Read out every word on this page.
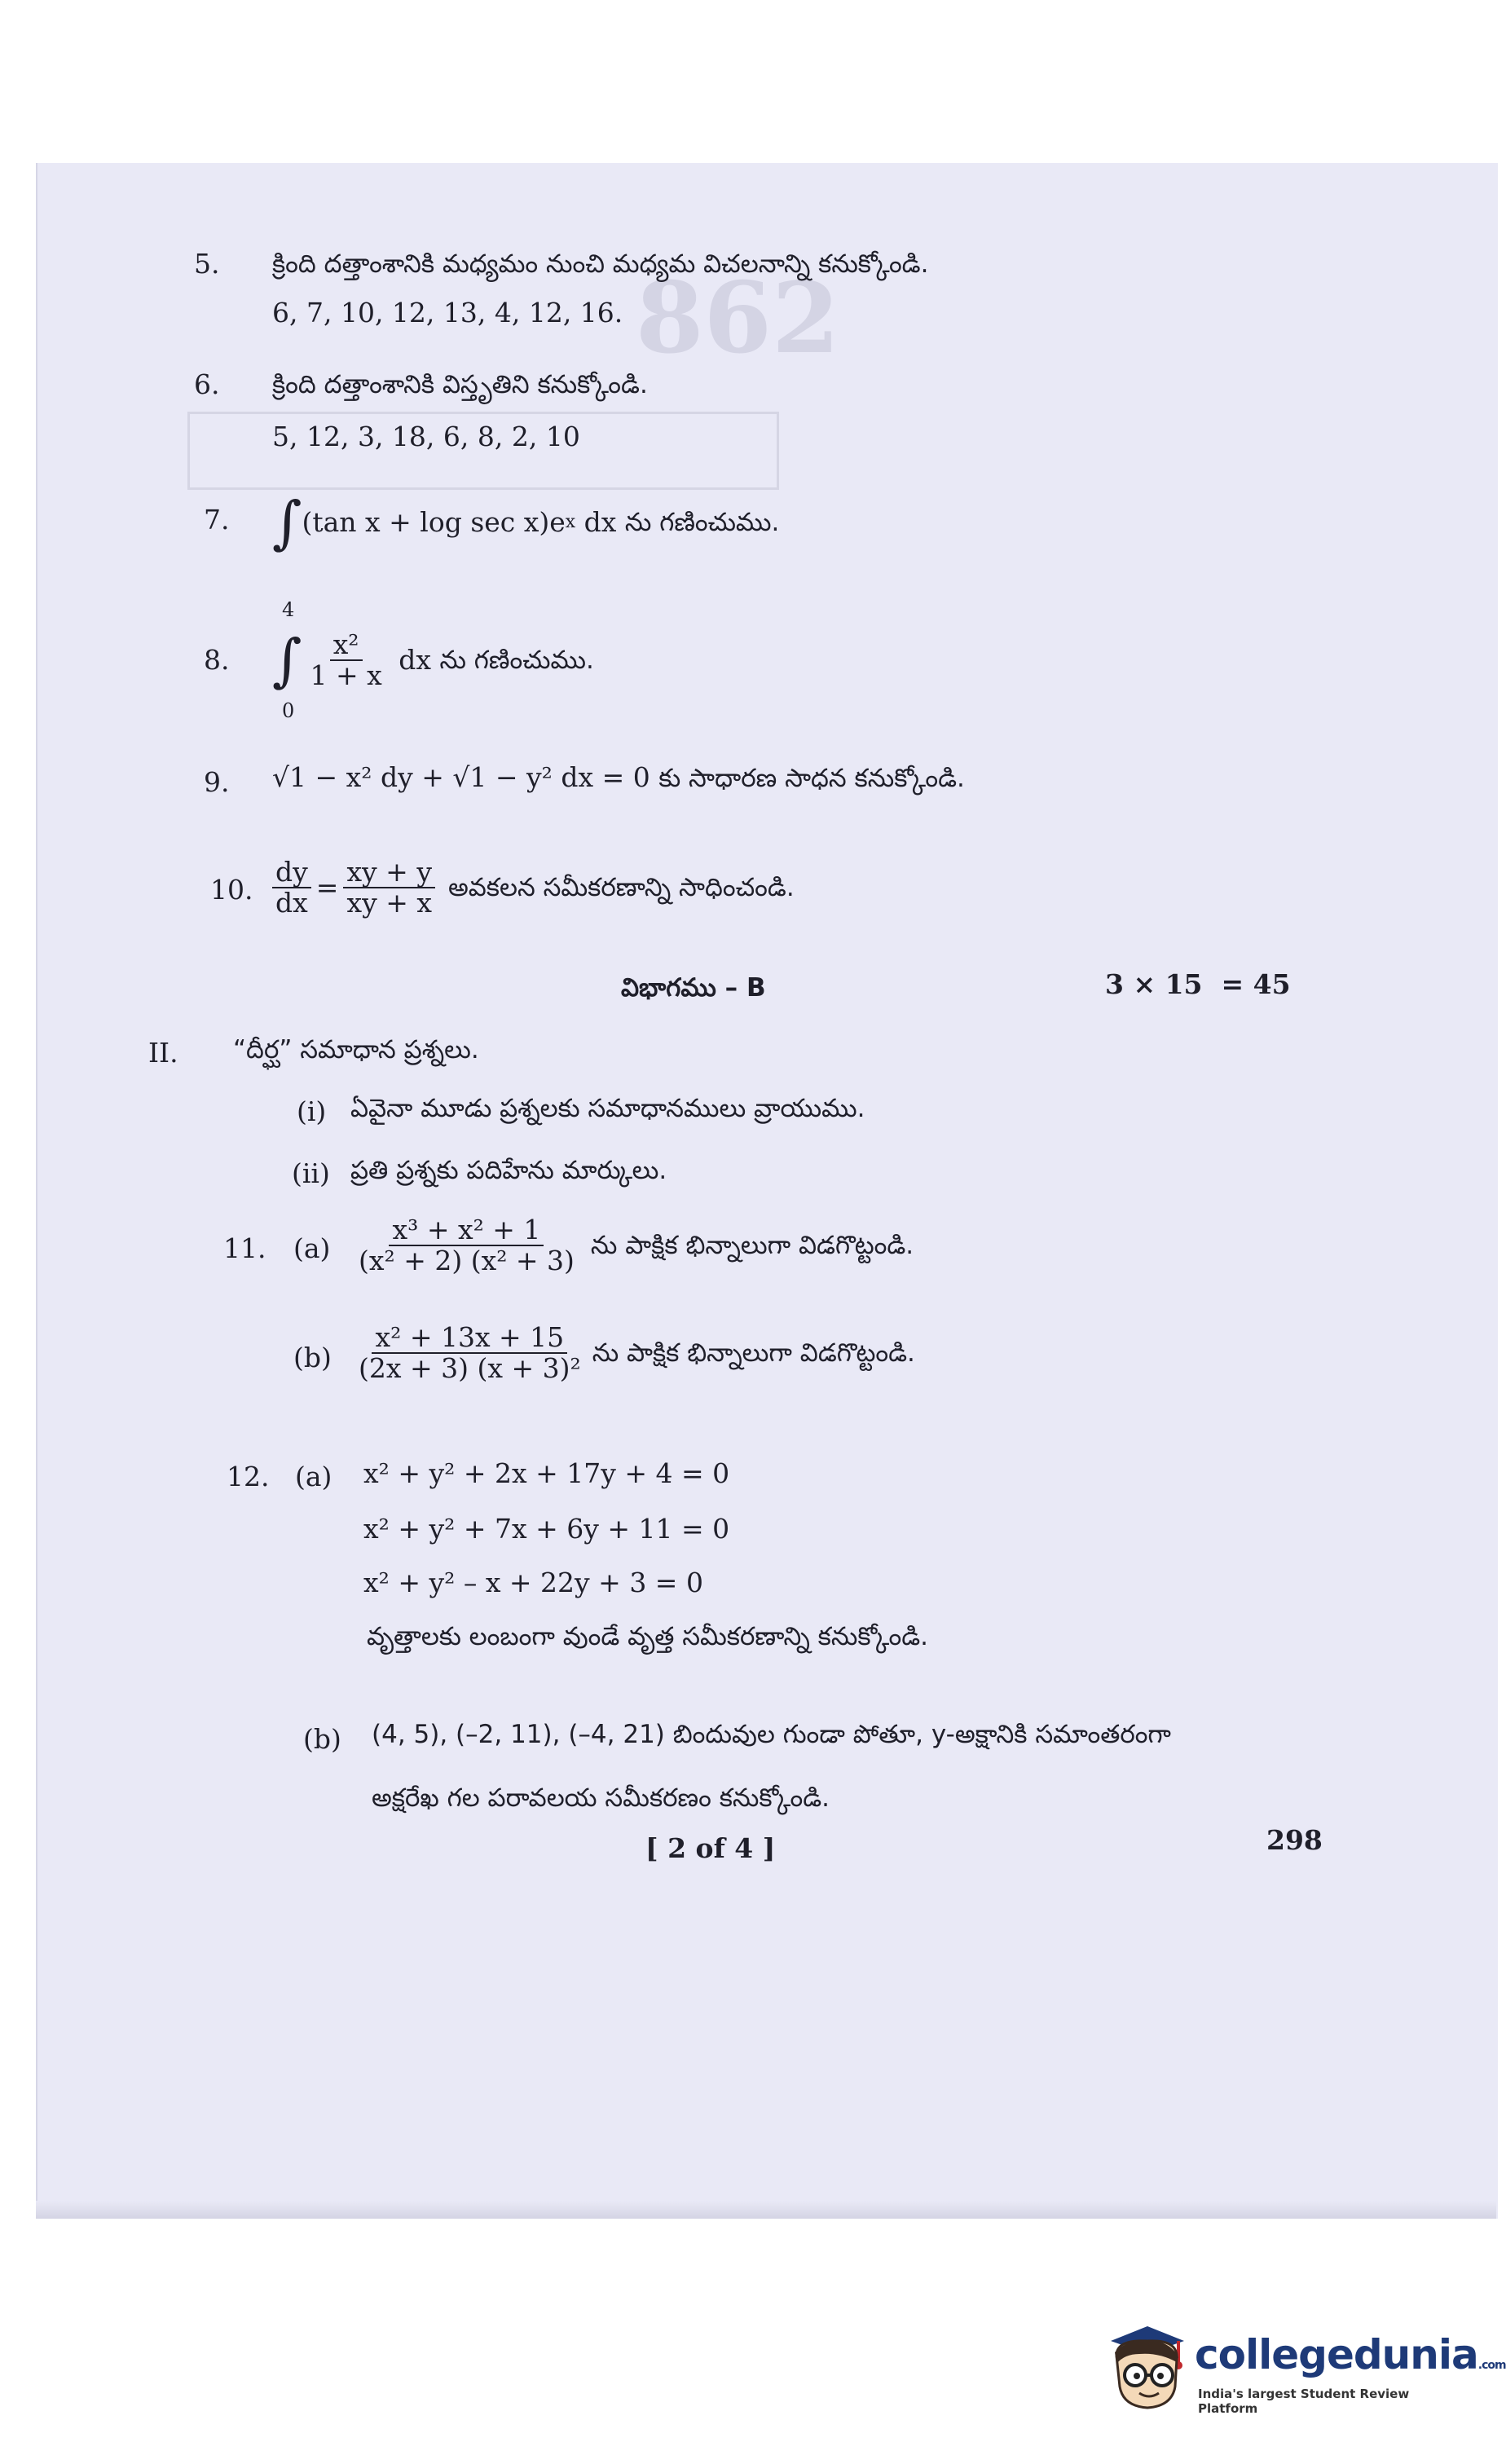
862
5. క్రింది దత్తాంశానికి మధ్యమం నుంచి మధ్యమ విచలనాన్ని కనుక్కోండి.
6, 7, 10, 12, 13, 4, 12, 16.
6. క్రింది దత్తాంశానికి విస్తృతిని కనుక్కోండి.
5, 12, 3, 18, 6, 8, 2, 10
7. ∫ (tan x + log sec x)e x dx ను గణించుము.
8.
4
0
∫ $\frac{\text{x²}}{1 + x}$ dx ను గణించుము.
9. √1 − x² dy + √1 − y² dx = 0 కు సాధారణ సాధన కనుక్కోండి.
10. $\frac{dy}{dx} = \frac{xy + y}{xy + x}$ అవకలన సమీకరణాన్ని సాధించండి.
విభాగము – B	3 × 15  = 45
II. “దీర్ఘ” సమాధాన ప్రశ్నలు.
(i) ఏవైనా మూడు ప్రశ్నలకు సమాధానములు వ్రాయుము.
(ii) ప్రతి ప్రశ్నకు పదిహేను మార్కులు.
11. $(a) \frac{\text{x³ + x² + 1}}{\text{(x² + 2) (x² + 3)}}$ ను పాక్షిక భిన్నాలుగా విడగొట్టండి.
$(b) \frac{\text{x² + 13x + 15}}{\text{(2x + 3) (x + 3)²}}$ ను పాక్షిక భిన్నాలుగా విడగొట్టండి.
12. (a) x² + y² + 2x + 17y + 4 = 0
x² + y² + 7x + 6y + 11 = 0
x² + y² – x + 22y + 3 = 0
వృత్తాలకు లంబంగా వుండే వృత్త సమీకరణాన్ని కనుక్కోండి.
(b) (4, 5), (–2, 11), (–4, 21) బిందువుల గుండా పోతూ, y-అక్షానికి సమాంతరంగా
అక్షరేఖ గల పరావలయ సమీకరణం కనుక్కోండి.
[ 2 of 4 ]	298
collegedunia.com
India's largest Student Review Platform
